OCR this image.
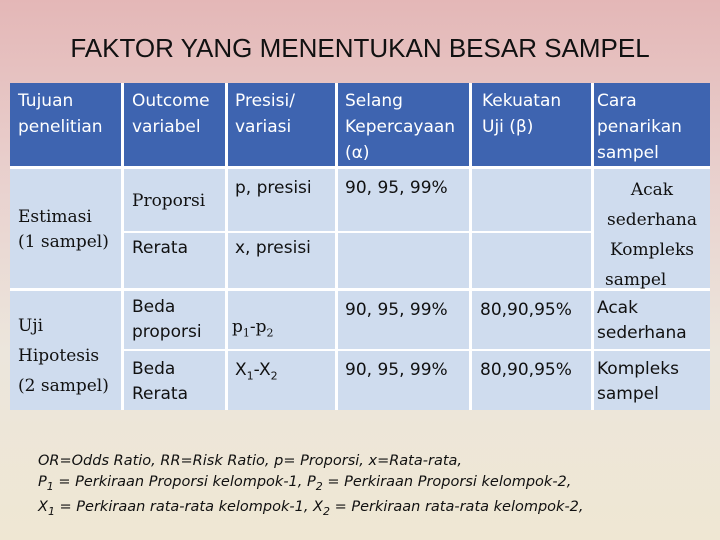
FAKTOR YANG MENENTUKAN BESAR SAMPEL
Tujuan
penelitian
Outcome
variabel
Presisi/
variasi
Selang
Kepercayaan
(α)
Kekuatan
Uji (β)
Cara
penarikan
sampel
Estimasi
(1 sampel)
Proporsi
Rerata
p, presisi
x, presisi
90, 95, 99%	Acak
sederhana
Kompleks
sampel
Uji
Hipotesis
(2 sampel)
Beda
proporsi
Beda
Rerata
$p_1-p_2$
$X_1-X_2$
90, 95, 99%
90, 95, 99%
80,90,95%
80,90,95%
Acak
sederhana
Kompleks
sampel
OR=Odds Ratio, RR=Risk Ratio, p= Proporsi, x=Rata-rata,
$P_1$ = Perkiraan Proporsi kelompok-1, $P_2$ = Perkiraan Proporsi kelompok-2,
$X_1$ = Perkiraan rata-rata kelompok-1, $X_2$ = Perkiraan rata-rata kelompok-2,
